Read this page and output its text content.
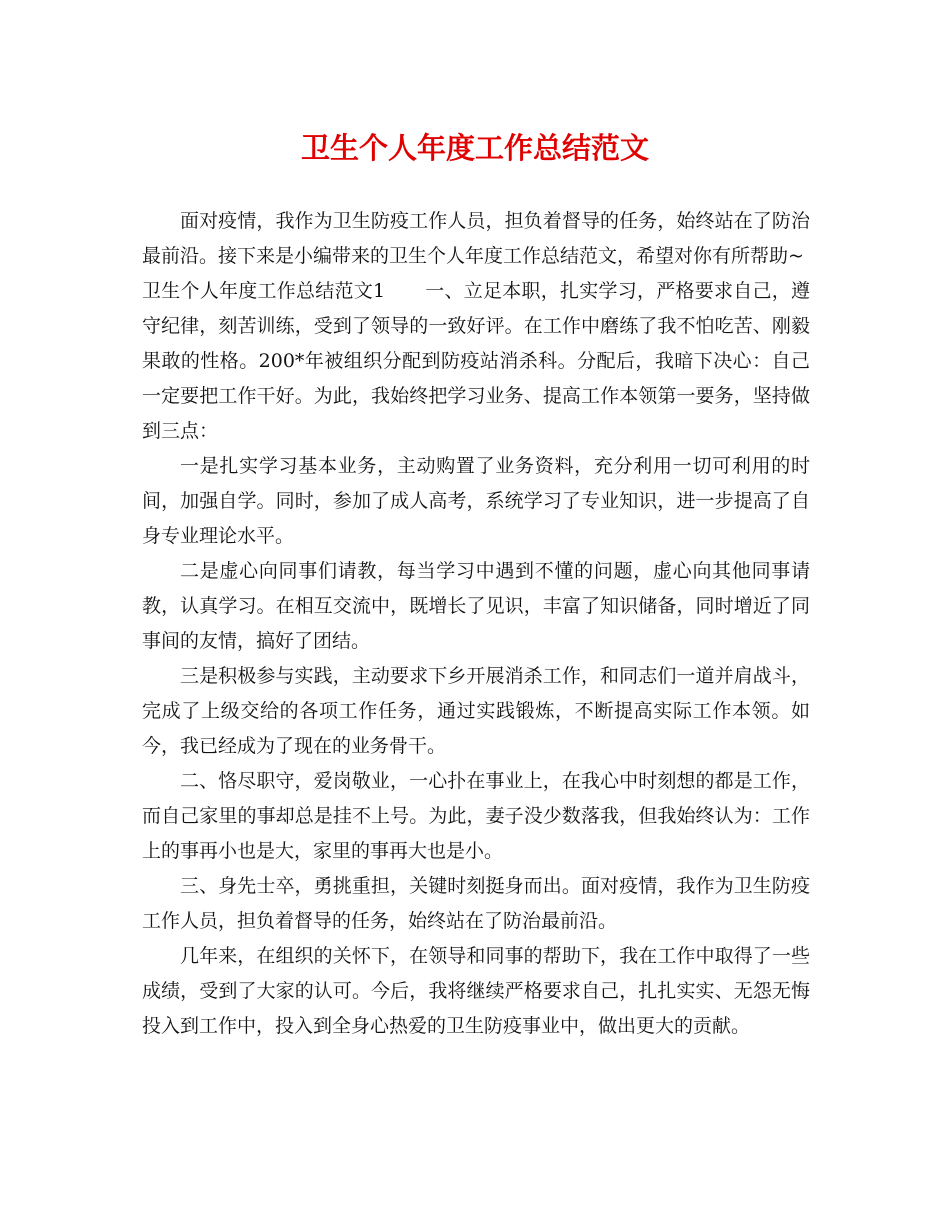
卫生个人年度工作总结范文

面对疫情，我作为卫生防疫工作人员，担负着督导的任务，始终站在了防治最前沿。接下来是小编带来的卫生个人年度工作总结范文，希望对你有所帮助~

卫生个人年度工作总结范文1 一、立足本职，扎实学习，严格要求自己，遵守纪律，刻苦训练，受到了领导的一致好评。在工作中磨练了我不怕吃苦、刚毅果敢的性格。200*年被组织分配到防疫站消杀科。分配后，我暗下决心：自己一定要把工作干好。为此，我始终把学习业务、提高工作本领第一要务，坚持做到三点：

一是扎实学习基本业务，主动购置了业务资料，充分利用一切可利用的时间，加强自学。同时，参加了成人高考，系统学习了专业知识，进一步提高了自身专业理论水平。

二是虚心向同事们请教，每当学习中遇到不懂的问题，虚心向其他同事请教，认真学习。在相互交流中，既增长了见识，丰富了知识储备，同时增近了同事间的友情，搞好了团结。

三是积极参与实践，主动要求下乡开展消杀工作，和同志们一道并肩战斗，完成了上级交给的各项工作任务，通过实践锻炼，不断提高实际工作本领。如今，我已经成为了现在的业务骨干。

二、恪尽职守，爱岗敬业，一心扑在事业上，在我心中时刻想的都是工作，而自己家里的事却总是挂不上号。为此，妻子没少数落我，但我始终认为：工作上的事再小也是大，家里的事再大也是小。

三、身先士卒，勇挑重担，关键时刻挺身而出。面对疫情，我作为卫生防疫工作人员，担负着督导的任务，始终站在了防治最前沿。

几年来，在组织的关怀下，在领导和同事的帮助下，我在工作中取得了一些成绩，受到了大家的认可。今后，我将继续严格要求自己，扎扎实实、无怨无悔投入到工作中，投入到全身心热爱的卫生防疫事业中，做出更大的贡献。
